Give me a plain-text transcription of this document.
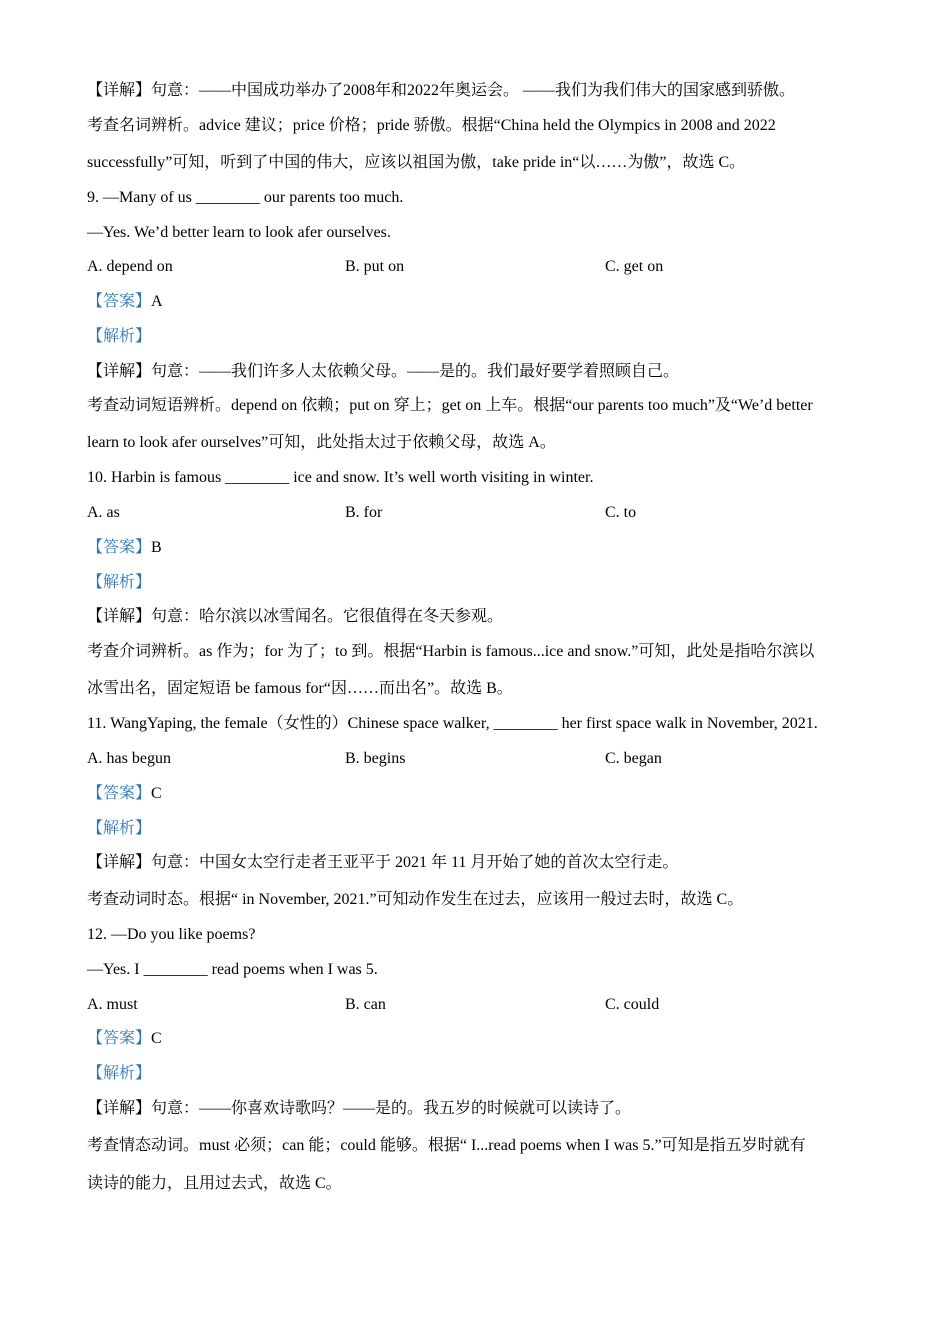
【详解】句意：——中国成功举办了2008年和2022年奥运会。 ——我们为我们伟大的国家感到骄傲。
考查名词辨析。advice 建议；price 价格；pride 骄傲。根据“China held the Olympics in 2008 and 2022
successfully”可知，听到了中国的伟大，应该以祖国为傲，take pride in“以……为傲”，故选 C。
9. —Many of us ________ our parents too much.
—Yes. We’d better learn to look afer ourselves.
A. depend on	B. put on	C. get on
【答案】A
【解析】
【详解】句意：——我们许多人太依赖父母。——是的。我们最好要学着照顾自己。
考查动词短语辨析。depend on 依赖；put on 穿上；get on 上车。根据“our parents too much”及“We’d better
learn to look afer ourselves”可知，此处指太过于依赖父母，故选 A。
10. Harbin is famous ________ ice and snow. It’s well worth visiting in winter.
A. as	B. for	C. to
【答案】B
【解析】
【详解】句意：哈尔滨以冰雪闻名。它很值得在冬天参观。
考查介词辨析。as 作为；for 为了；to 到。根据“Harbin is famous...ice and snow.”可知，此处是指哈尔滨以
冰雪出名，固定短语 be famous for“因……而出名”。故选 B。
11. WangYaping, the female（女性的）Chinese space walker, ________ her first space walk in November, 2021.
A. has begun	B. begins	C. began
【答案】C
【解析】
【详解】句意：中国女太空行走者王亚平于 2021 年 11 月开始了她的首次太空行走。
考查动词时态。根据“ in November, 2021.”可知动作发生在过去，应该用一般过去时，故选 C。
12. —Do you like poems?
—Yes. I ________ read poems when I was 5.
A. must	B. can	C. could
【答案】C
【解析】
【详解】句意：——你喜欢诗歌吗？——是的。我五岁的时候就可以读诗了。
考查情态动词。must 必须；can 能；could 能够。根据“ I...read poems when I was 5.”可知是指五岁时就有
读诗的能力，且用过去式，故选 C。
